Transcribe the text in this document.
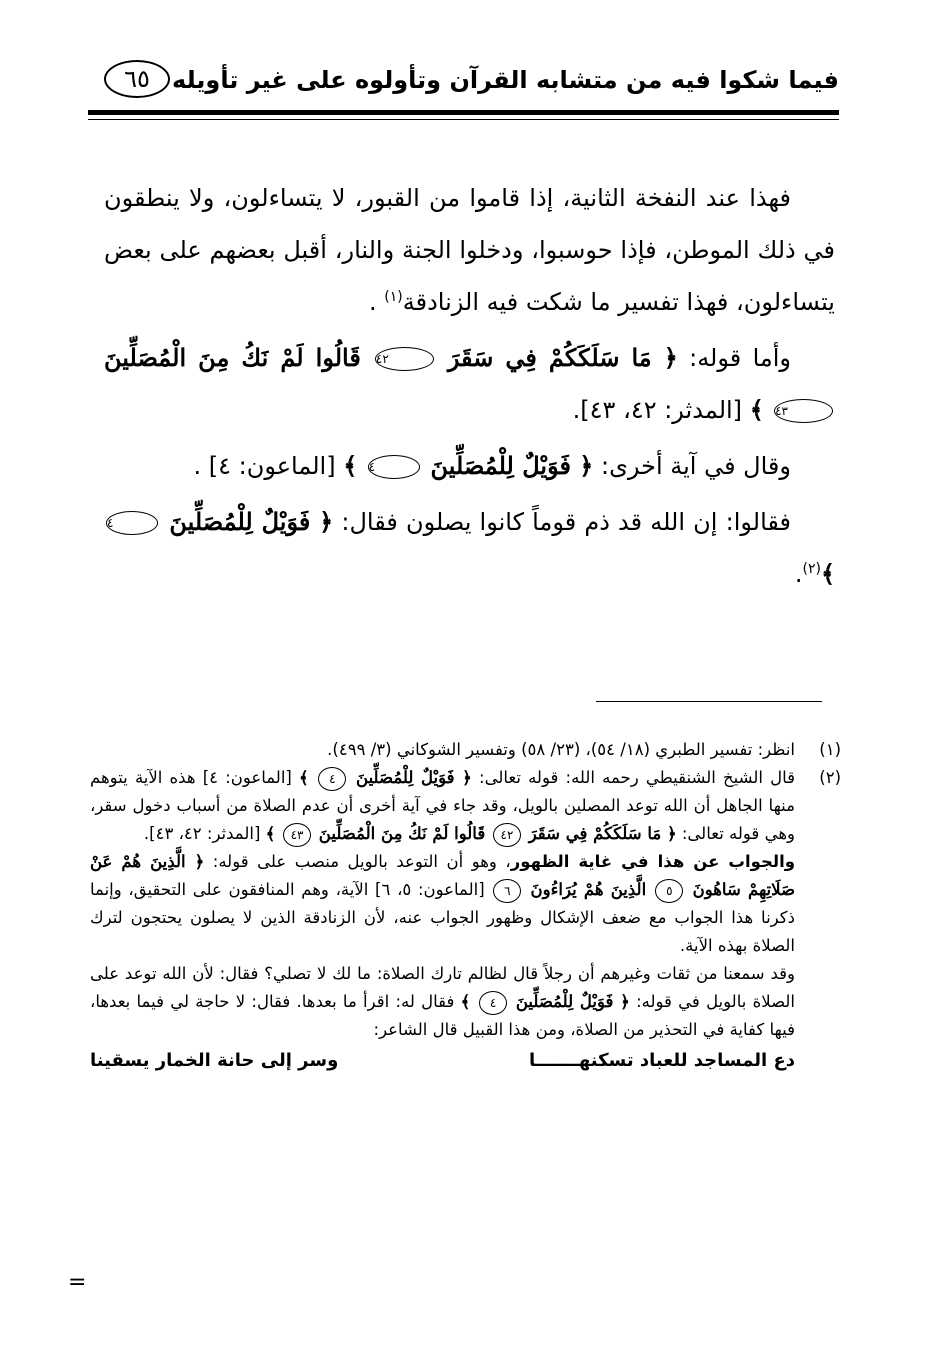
فيما شكوا فيه من متشابه القرآن وتأولوه على غير تأويله
٦٥

فهذا عند النفخة الثانية، إذا قاموا من القبور، لا يتساءلون، ولا ينطقون في ذلك الموطن، فإذا حوسبوا، ودخلوا الجنة والنار، أقبل بعضهم على بعض يتساءلون، فهذا تفسير ما شكت فيه الزنادقة$^{(١)}$ .

وأما قوله: ﴿ مَا سَلَكَكُمْ فِي سَقَرَ ٤٢ قَالُوا لَمْ نَكُ مِنَ الْمُصَلِّينَ ٤٣ ﴾ [المدثر: ٤٢، ٤٣].

وقال في آية أخرى: ﴿ فَوَيْلٌ لِلْمُصَلِّينَ ٤ ﴾ [الماعون: ٤] .

فقالوا: إن الله قد ذم قوماً كانوا يصلون فقال: ﴿ فَوَيْلٌ لِلْمُصَلِّينَ ٤ ﴾$^{(٢)}$.

(١)

انظر: تفسير الطبري (١٨/ ٥٤)، (٢٣/ ٥٨) وتفسير الشوكاني (٣/ ٤٩٩).

(٢)

قال الشيخ الشنقيطي رحمه الله: قوله تعالى: ﴿ فَوَيْلٌ لِلْمُصَلِّينَ ٤ ﴾ [الماعون: ٤] هذه الآية يتوهم منها الجاهل أن الله توعد المصلين بالويل، وقد جاء في آية أخرى أن عدم الصلاة من أسباب دخول سقر، وهي قوله تعالى: ﴿ مَا سَلَكَكُمْ فِي سَقَرَ ٤٢ قَالُوا لَمْ نَكُ مِنَ الْمُصَلِّينَ ٤٣ ﴾ [المدثر: ٤٢، ٤٣].

والجواب عن هذا في غاية الظهور، وهو أن التوعد بالويل منصب على قوله: ﴿ الَّذِينَ هُمْ عَنْ صَلَاتِهِمْ سَاهُونَ ٥ الَّذِينَ هُمْ يُرَاءُونَ ٦ [الماعون: ٥، ٦] الآية، وهم المنافقون على التحقيق، وإنما ذكرنا هذا الجواب مع ضعف الإشكال وظهور الجواب عنه، لأن الزنادقة الذين لا يصلون يحتجون لترك الصلاة بهذه الآية.

وقد سمعنا من ثقات وغيرهم أن رجلاً قال لظالم تارك الصلاة: ما لك لا تصلي؟ فقال: لأن الله توعد على الصلاة بالويل في قوله: ﴿ فَوَيْلٌ لِلْمُصَلِّينَ ٤ ﴾ فقال له: اقرأ ما بعدها. فقال: لا حاجة لي فيما بعدها، فيها كفاية في التحذير من الصلاة، ومن هذا القبيل قال الشاعر:

دع المساجد للعباد تسكنهـــــــا
وسر إلى حانة الخمار يسقينا
=
